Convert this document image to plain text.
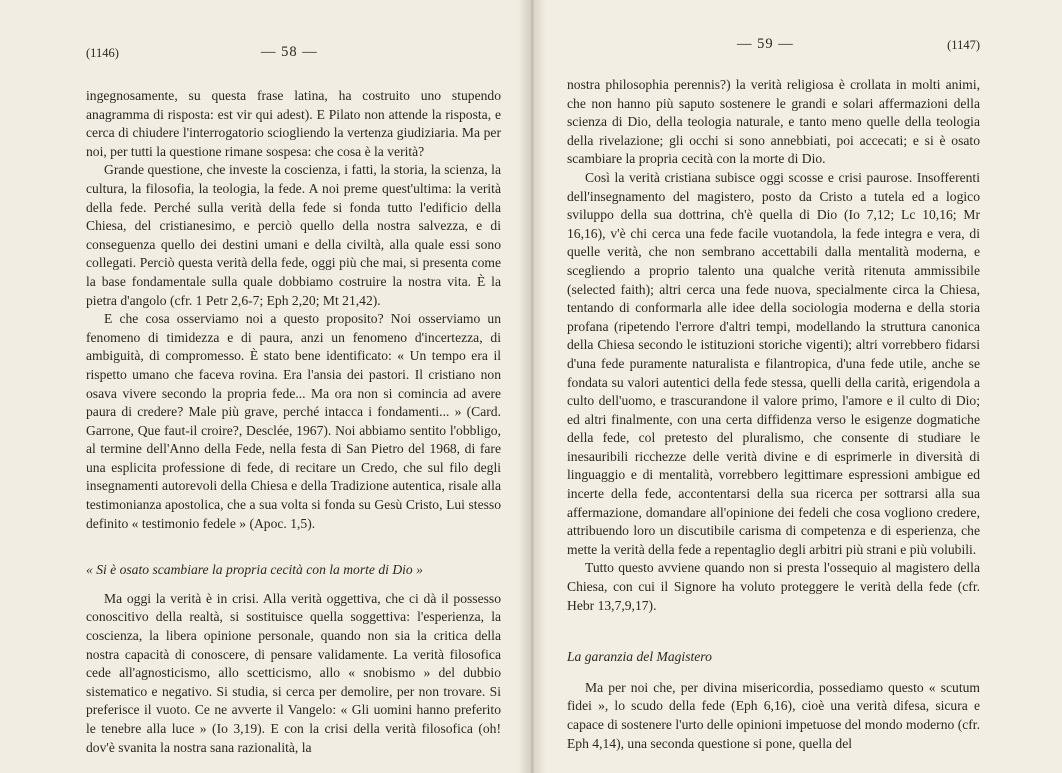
(1146)	— 58 —

ingegnosamente, su questa frase latina, ha costruito uno stupendo anagramma di risposta: est vir qui adest). E Pilato non attende la risposta, e cerca di chiudere l'interrogatorio sciogliendo la vertenza giudiziaria. Ma per noi, per tutti la questione rimane sospesa: che cosa è la verità?

Grande questione, che investe la coscienza, i fatti, la storia, la scienza, la cultura, la filosofia, la teologia, la fede. A noi preme quest'ultima: la verità della fede. Perché sulla verità della fede si fonda tutto l'edificio della Chiesa, del cristianesimo, e perciò quello della nostra salvezza, e di conseguenza quello dei destini umani e della civiltà, alla quale essi sono collegati. Perciò questa verità della fede, oggi più che mai, si presenta come la base fondamentale sulla quale dobbiamo costruire la nostra vita. È la pietra d'angolo (cfr. 1 Petr 2,6-7; Eph 2,20; Mt 21,42).

E che cosa osserviamo noi a questo proposito? Noi osserviamo un fenomeno di timidezza e di paura, anzi un fenomeno d'incertezza, di ambiguità, di compromesso. È stato bene identificato: « Un tempo era il rispetto umano che faceva rovina. Era l'ansia dei pastori. Il cristiano non osava vivere secondo la propria fede... Ma ora non si comincia ad avere paura di credere? Male più grave, perché intacca i fondamenti... » (Card. Garrone, Que faut-il croire?, Desclée, 1967). Noi abbiamo sentito l'obbligo, al termine dell'Anno della Fede, nella festa di San Pietro del 1968, di fare una esplicita professione di fede, di recitare un Credo, che sul filo degli insegnamenti autorevoli della Chiesa e della Tradizione autentica, risale alla testimonianza apostolica, che a sua volta si fonda su Gesù Cristo, Lui stesso definito « testimonio fedele » (Apoc. 1,5).

« Si è osato scambiare la propria cecità con la morte di Dio »

Ma oggi la verità è in crisi. Alla verità oggettiva, che ci dà il possesso conoscitivo della realtà, si sostituisce quella soggettiva: l'esperienza, la coscienza, la libera opinione personale, quando non sia la critica della nostra capacità di conoscere, di pensare validamente. La verità filosofica cede all'agnosticismo, allo scetticismo, allo « snobismo » del dubbio sistematico e negativo. Si studia, si cerca per demolire, per non trovare. Si preferisce il vuoto. Ce ne avverte il Vangelo: « Gli uomini hanno preferito le tenebre alla luce » (Io 3,19). E con la crisi della verità filosofica (oh! dov'è svanita la nostra sana razionalità, la

— 59 —	(1147)

nostra philosophia perennis?) la verità religiosa è crollata in molti animi, che non hanno più saputo sostenere le grandi e solari affermazioni della scienza di Dio, della teologia naturale, e tanto meno quelle della teologia della rivelazione; gli occhi si sono annebbiati, poi accecati; e si è osato scambiare la propria cecità con la morte di Dio.

Così la verità cristiana subisce oggi scosse e crisi paurose. Insofferenti dell'insegnamento del magistero, posto da Cristo a tutela ed a logico sviluppo della sua dottrina, ch'è quella di Dio (Io 7,12; Lc 10,16; Mr 16,16), v'è chi cerca una fede facile vuotandola, la fede integra e vera, di quelle verità, che non sembrano accettabili dalla mentalità moderna, e scegliendo a proprio talento una qualche verità ritenuta ammissibile (selected faith); altri cerca una fede nuova, specialmente circa la Chiesa, tentando di conformarla alle idee della sociologia moderna e della storia profana (ripetendo l'errore d'altri tempi, modellando la struttura canonica della Chiesa secondo le istituzioni storiche vigenti); altri vorrebbero fidarsi d'una fede puramente naturalista e filantropica, d'una fede utile, anche se fondata su valori autentici della fede stessa, quelli della carità, erigendola a culto dell'uomo, e trascurandone il valore primo, l'amore e il culto di Dio; ed altri finalmente, con una certa diffidenza verso le esigenze dogmatiche della fede, col pretesto del pluralismo, che consente di studiare le inesauribili ricchezze delle verità divine e di esprimerle in diversità di linguaggio e di mentalità, vorrebbero legittimare espressioni ambigue ed incerte della fede, accontentarsi della sua ricerca per sottrarsi alla sua affermazione, domandare all'opinione dei fedeli che cosa vogliono credere, attribuendo loro un discutibile carisma di competenza e di esperienza, che mette la verità della fede a repentaglio degli arbitri più strani e più volubili.

Tutto questo avviene quando non si presta l'ossequio al magistero della Chiesa, con cui il Signore ha voluto proteggere le verità della fede (cfr. Hebr 13,7,9,17).

La garanzia del Magistero

Ma per noi che, per divina misericordia, possediamo questo « scutum fidei », lo scudo della fede (Eph 6,16), cioè una verità difesa, sicura e capace di sostenere l'urto delle opinioni impetuose del mondo moderno (cfr. Eph 4,14), una seconda questione si pone, quella del
